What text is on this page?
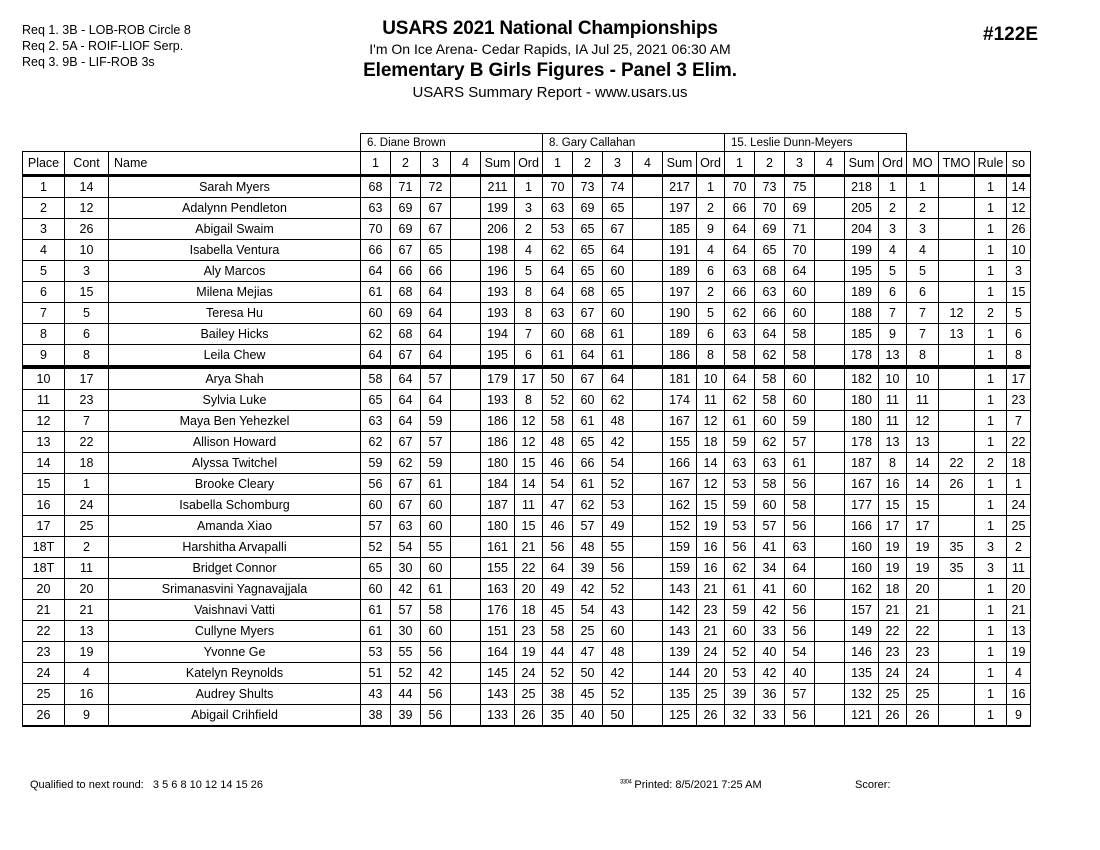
Req 1. 3B - LOB-ROB Circle 8
Req 2. 5A - ROIF-LIOF Serp.
Req 3. 9B - LIF-ROB 3s
USARS 2021 National Championships
I'm On Ice Arena- Cedar Rapids, IA Jul 25, 2021 06:30 AM
Elementary B Girls Figures - Panel 3 Elim.
USARS Summary Report - www.usars.us
#122E
			6. Diane Brown						8. Gary Callahan						15. Leslie Dunn-Meyers									
Place	Cont	Name	1	2	3	4	Sum	Ord	1	2	3	4	Sum	Ord	1	2	3	4	Sum	Ord	MO	TMO	Rule	so
1	14	Sarah Myers	68	71	72		211	1	70	73	74		217	1	70	73	75		218	1	1		1	14
2	12	Adalynn Pendleton	63	69	67		199	3	63	69	65		197	2	66	70	69		205	2	2		1	12
3	26	Abigail Swaim	70	69	67		206	2	53	65	67		185	9	64	69	71		204	3	3		1	26
4	10	Isabella Ventura	66	67	65		198	4	62	65	64		191	4	64	65	70		199	4	4		1	10
5	3	Aly Marcos	64	66	66		196	5	64	65	60		189	6	63	68	64		195	5	5		1	3
6	15	Milena Mejias	61	68	64		193	8	64	68	65		197	2	66	63	60		189	6	6		1	15
7	5	Teresa Hu	60	69	64		193	8	63	67	60		190	5	62	66	60		188	7	7	12	2	5
8	6	Bailey Hicks	62	68	64		194	7	60	68	61		189	6	63	64	58		185	9	7	13	1	6
9	8	Leila Chew	64	67	64		195	6	61	64	61		186	8	58	62	58		178	13	8		1	8
10	17	Arya Shah	58	64	57		179	17	50	67	64		181	10	64	58	60		182	10	10		1	17
11	23	Sylvia Luke	65	64	64		193	8	52	60	62		174	11	62	58	60		180	11	11		1	23
12	7	Maya Ben Yehezkel	63	64	59		186	12	58	61	48		167	12	61	60	59		180	11	12		1	7
13	22	Allison Howard	62	67	57		186	12	48	65	42		155	18	59	62	57		178	13	13		1	22
14	18	Alyssa Twitchel	59	62	59		180	15	46	66	54		166	14	63	63	61		187	8	14	22	2	18
15	1	Brooke Cleary	56	67	61		184	14	54	61	52		167	12	53	58	56		167	16	14	26	1	1
16	24	Isabella Schomburg	60	67	60		187	11	47	62	53		162	15	59	60	58		177	15	15		1	24
17	25	Amanda Xiao	57	63	60		180	15	46	57	49		152	19	53	57	56		166	17	17		1	25
18T	2	Harshitha Arvapalli	52	54	55		161	21	56	48	55		159	16	56	41	63		160	19	19	35	3	2
18T	11	Bridget Connor	65	30	60		155	22	64	39	56		159	16	62	34	64		160	19	19	35	3	11
20	20	Srimanasvini Yagnavajjala	60	42	61		163	20	49	42	52		143	21	61	41	60		162	18	20		1	20
21	21	Vaishnavi Vatti	61	57	58		176	18	45	54	43		142	23	59	42	56		157	21	21		1	21
22	13	Cullyne Myers	61	30	60		151	23	58	25	60		143	21	60	33	56		149	22	22		1	13
23	19	Yvonne Ge	53	55	56		164	19	44	47	48		139	24	52	40	54		146	23	23		1	19
24	4	Katelyn Reynolds	51	52	42		145	24	52	50	42		144	20	53	42	40		135	24	24		1	4
25	16	Audrey Shults	43	44	56		143	25	38	45	52		135	25	39	36	57		132	25	25		1	16
26	9	Abigail Crihfield	38	39	56		133	26	35	40	50		125	26	32	33	56		121	26	26		1	9
Qualified to next round: 3 5 6 8 10 12 14 15 26	$^{3304}$ Printed: 8/5/2021 7:25 AM	Scorer:
